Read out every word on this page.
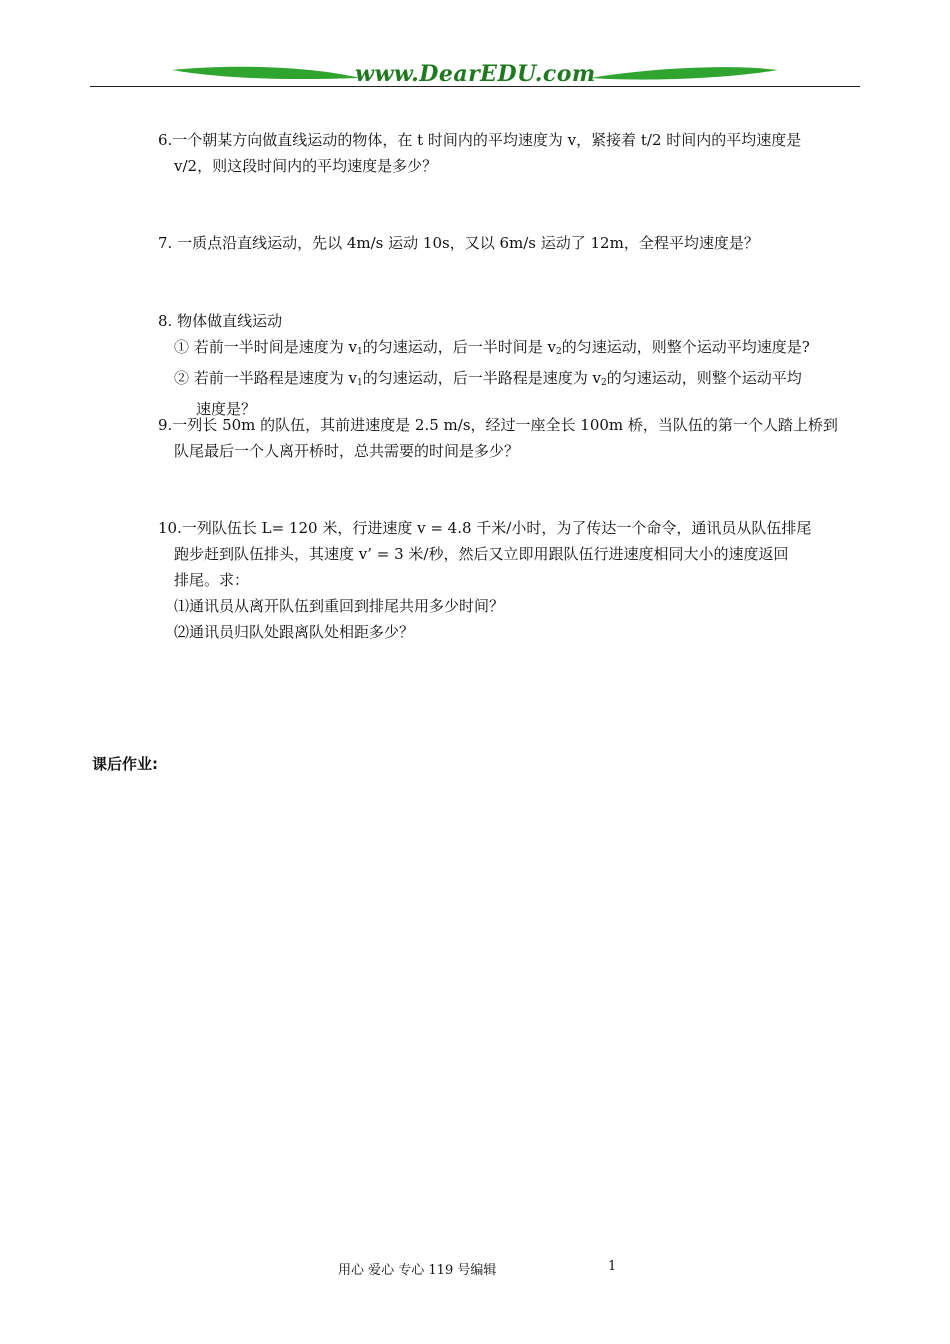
www.DearEDU.com
6.一个朝某方向做直线运动的物体，在 t 时间内的平均速度为 v，紧接着 t/2 时间内的平均速度是
v/2，则这段时间内的平均速度是多少？
7. 一质点沿直线运动，先以 4m/s 运动 10s，又以 6m/s 运动了 12m，全程平均速度是？
8. 物体做直线运动
① 若前一半时间是速度为 $v_1$的匀速运动，后一半时间是 $v_2$的匀速运动，则整个运动平均速度是?
② 若前一半路程是速度为 $v_1$的匀速运动，后一半路程是速度为 $v_2$的匀速运动，则整个运动平均
速度是？
9.一列长 50m 的队伍，其前进速度是 2.5 m/s，经过一座全长 100m 桥，当队伍的第一个人踏上桥到
队尾最后一个人离开桥时，总共需要的时间是多少？
10.一列队伍长 L= 120 米，行进速度 v = 4.8 千米/小时，为了传达一个命令，通讯员从队伍排尾
跑步赶到队伍排头，其速度 v’ = 3 米/秒，然后又立即用跟队伍行进速度相同大小的速度返回
排尾。求：
⑴通讯员从离开队伍到重回到排尾共用多少时间？
⑵通讯员归队处跟离队处相距多少？
课后作业:
用心 爱心 专心 119 号编辑	1
